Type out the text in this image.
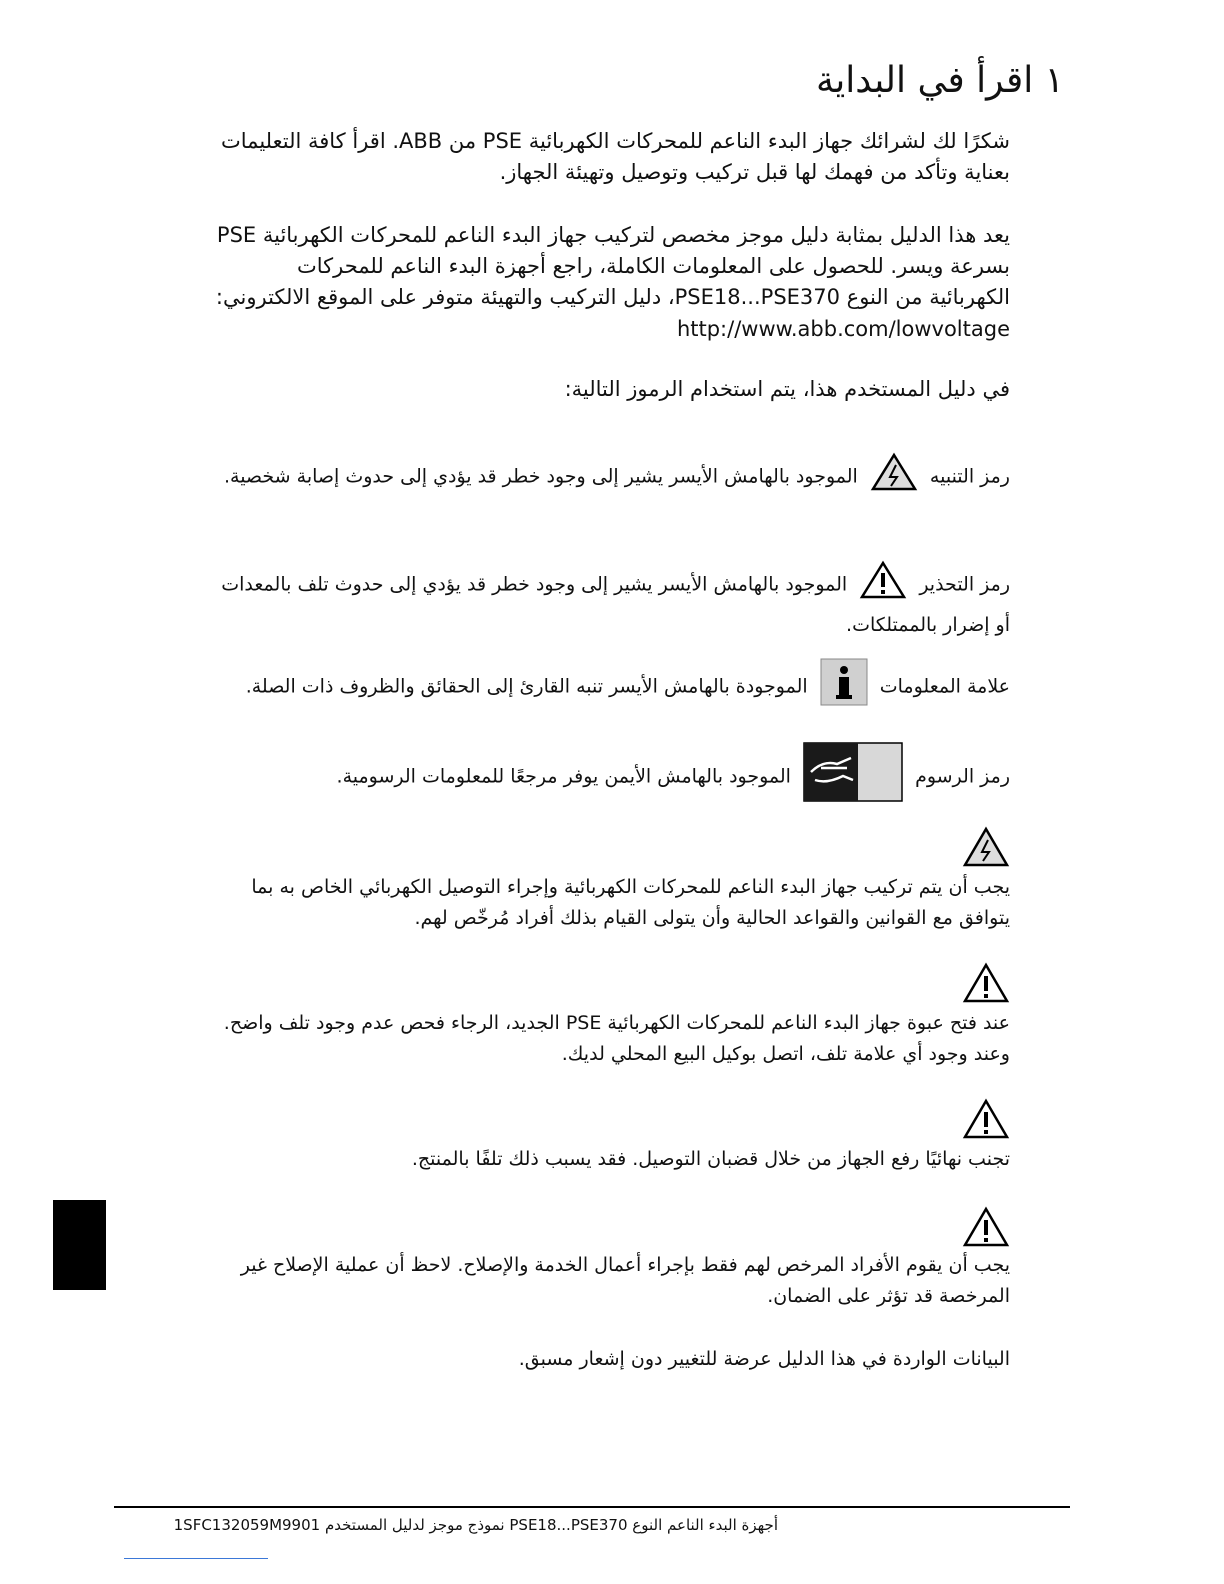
١ اقرأ في البداية
شكرًا لك لشرائك جهاز البدء الناعم للمحركات الكهربائية PSE من ABB. اقرأ كافة التعليمات بعناية وتأكد من فهمك لها قبل تركيب وتوصيل وتهيئة الجهاز.
يعد هذا الدليل بمثابة دليل موجز مخصص لتركيب جهاز البدء الناعم للمحركات الكهربائية PSE بسرعة ويسر. للحصول على المعلومات الكاملة، راجع أجهزة البدء الناعم للمحركات الكهربائية من النوع PSE18...PSE370، دليل التركيب والتهيئة متوفر على الموقع الالكتروني:
http://www.abb.com/lowvoltage
في دليل المستخدم هذا، يتم استخدام الرموز التالية:
رمز التنبيه  الموجود بالهامش الأيسر يشير إلى وجود خطر قد يؤدي إلى حدوث إصابة شخصية.
رمز التحذير  الموجود بالهامش الأيسر يشير إلى وجود خطر قد يؤدي إلى حدوث تلف بالمعدات أو إضرار بالممتلكات.
علامة المعلومات  الموجودة بالهامش الأيسر تنبه القارئ إلى الحقائق والظروف ذات الصلة.
رمز الرسوم  الموجود بالهامش الأيمن يوفر مرجعًا للمعلومات الرسومية.
يجب أن يتم تركيب جهاز البدء الناعم للمحركات الكهربائية وإجراء التوصيل الكهربائي الخاص به بما يتوافق مع القوانين والقواعد الحالية وأن يتولى القيام بذلك أفراد مُرخّص لهم.
عند فتح عبوة جهاز البدء الناعم للمحركات الكهربائية PSE الجديد، الرجاء فحص عدم وجود تلف واضح. وعند وجود أي علامة تلف، اتصل بوكيل البيع المحلي لديك.
تجنب نهائيًا رفع الجهاز من خلال قضبان التوصيل. فقد يسبب ذلك تلفًا بالمنتج.
يجب أن يقوم الأفراد المرخص لهم فقط بإجراء أعمال الخدمة والإصلاح. لاحظ أن عملية الإصلاح غير المرخصة قد تؤثر على الضمان.
البيانات الواردة في هذا الدليل عرضة للتغيير دون إشعار مسبق.
أجهزة البدء الناعم النوع PSE18...PSE370 نموذج موجز لدليل المستخدم 1SFC132059M9901
